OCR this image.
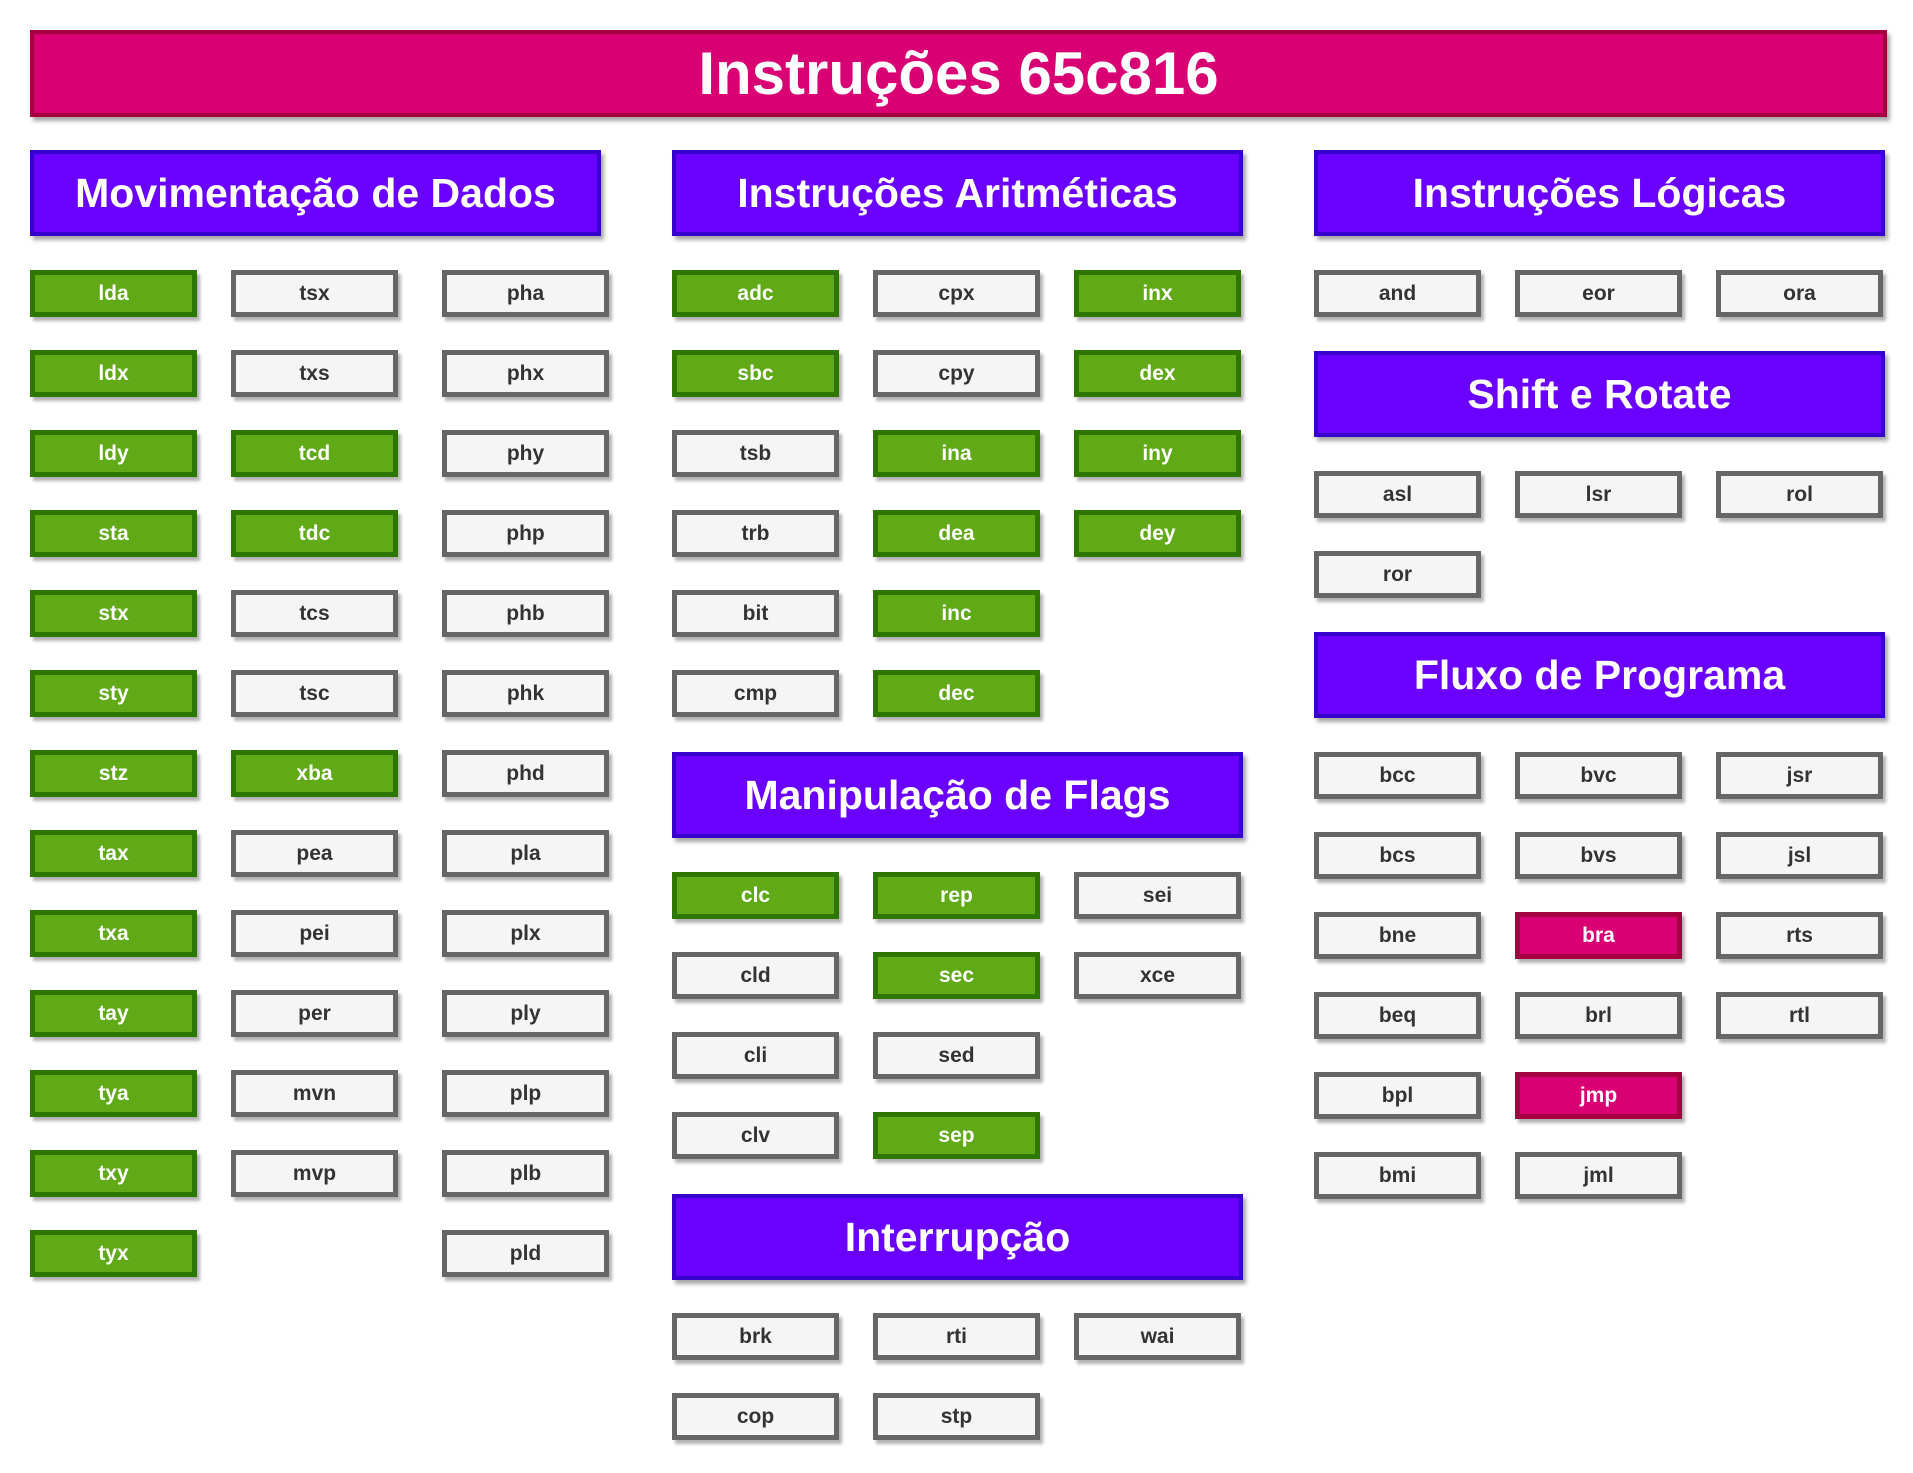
Instruções 65c816
Movimentação de Dados	Instruções Aritméticas	Instruções Lógicas
Shift e Rotate
Manipulação de Flags
Fluxo de Programa
Interrupção
lda
ldx
ldy
sta
stx
sty
stz
tax
txa
tay
tya
txy
tyx
tsx
txs
tcd
tdc
tcs
tsc
xba
pea
pei
per
mvn
mvp
pha
phx
phy
php
phb
phk
phd
pla
plx
ply
plp
plb
pld
adc
sbc
tsb
trb
bit
cmp
cpx
cpy
ina
dea
inc
dec
inx
dex
iny
dey
clc
cld
cli
clv
rep
sec
sed
sep
sei
xce
brk
cop
rti
stp
wai
and	eor	ora
asl	lsr	rol
ror
bcc
bcs
bne
beq
bpl
bmi
bvc
bvs
bra
brl
jmp
jml
jsr
jsl
rts
rtl
